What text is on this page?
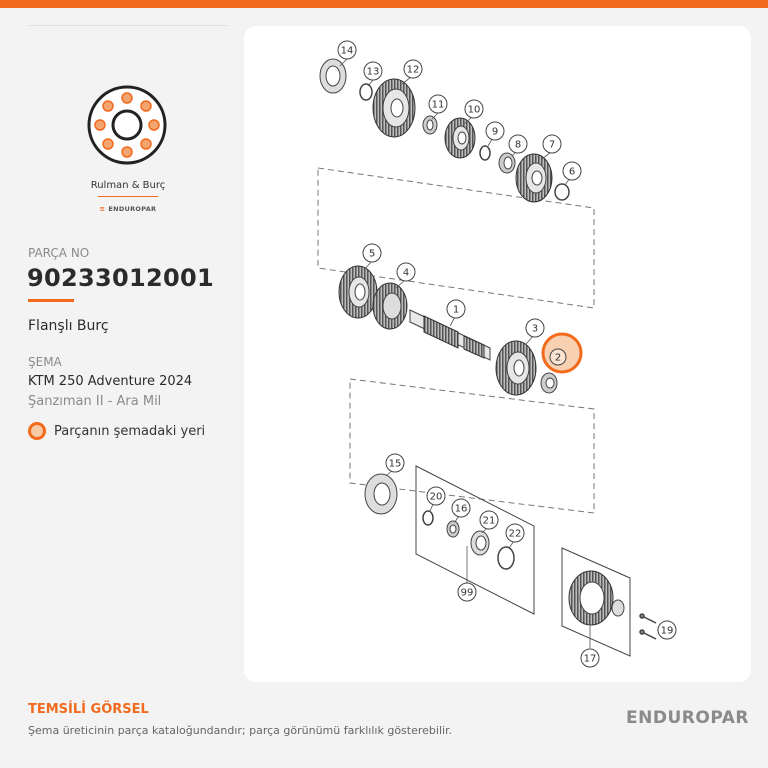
Rulman & Burç
≡ ENDUROPAR
PARÇA NO
90233012001
Flanşlı Burç
ŞEMA
KTM 250 Adventure 2024
Şanzıman II - Ara Mil
Parçanın şemadaki yeri
14
13	12
11 10
9
8	7
6
5
4
1
3
15
20
16
21
22
99
19
17
2
TEMSİLİ GÖRSEL
Şema üreticinin parça kataloğundandır; parça görünümü farklılık gösterebilir.
ENDUROPAR
